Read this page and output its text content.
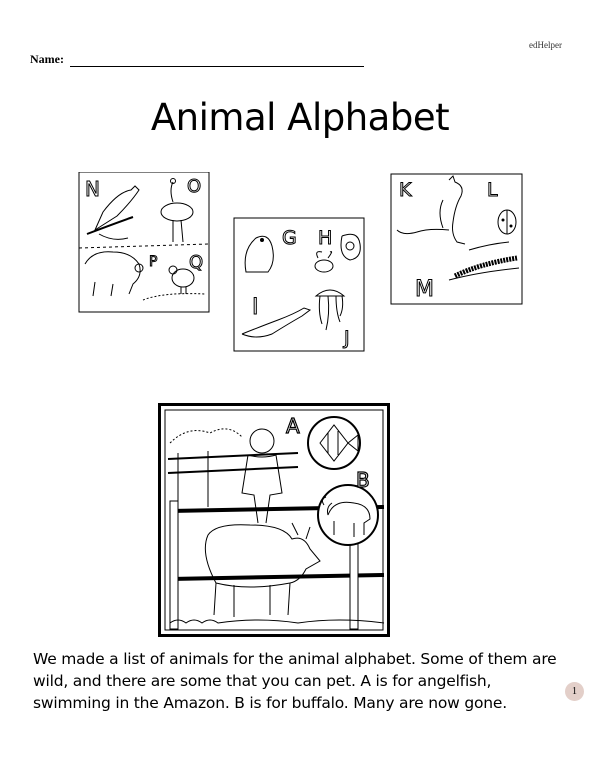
edHelper
Name:
Animal Alphabet
N	O
P Q
G H
I
J
K	L
M
A
B

We made a list of animals for the animal alphabet. Some of them are wild, and there are some that you can pet. A is for angelfish, swimming in the Amazon. B is for buffalo. Many are now gone.

1
